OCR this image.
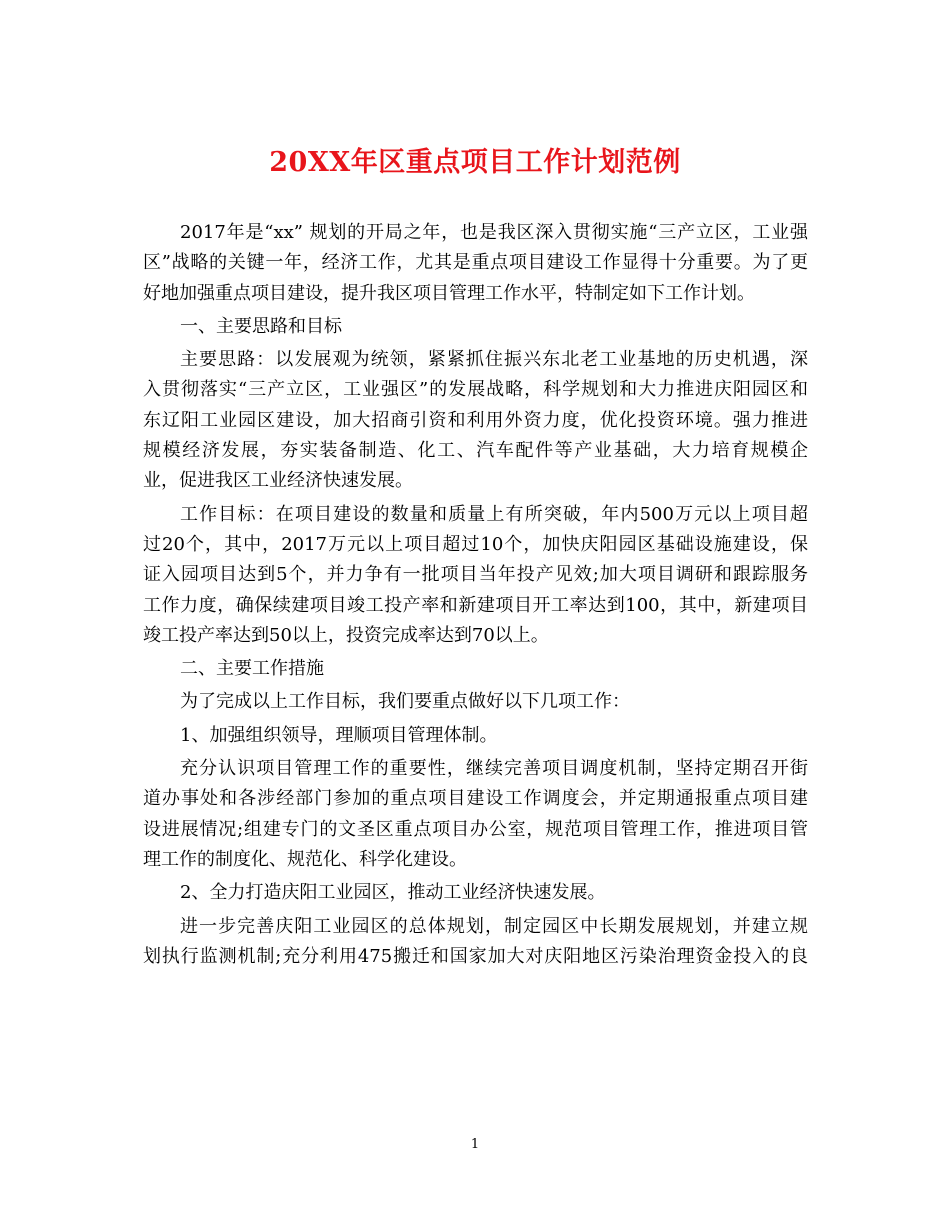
20XX年区重点项目工作计划范例
2017年是“xx” 规划的开局之年，也是我区深入贯彻实施“三产立区，工业强
区”战略的关键一年，经济工作，尤其是重点项目建设工作显得十分重要。为了更
好地加强重点项目建设，提升我区项目管理工作水平，特制定如下工作计划。
一、主要思路和目标
主要思路：以发展观为统领，紧紧抓住振兴东北老工业基地的历史机遇，深
入贯彻落实“三产立区，工业强区”的发展战略，科学规划和大力推进庆阳园区和
东辽阳工业园区建设，加大招商引资和利用外资力度，优化投资环境。强力推进
规模经济发展，夯实装备制造、化工、汽车配件等产业基础，大力培育规模企
业，促进我区工业经济快速发展。
工作目标：在项目建设的数量和质量上有所突破，年内500万元以上项目超
过20个，其中，2017万元以上项目超过10个，加快庆阳园区基础设施建设，保
证入园项目达到5个，并力争有一批项目当年投产见效;加大项目调研和跟踪服务
工作力度，确保续建项目竣工投产率和新建项目开工率达到100，其中，新建项目
竣工投产率达到50以上，投资完成率达到70以上。
二、主要工作措施
为了完成以上工作目标，我们要重点做好以下几项工作：
1、加强组织领导，理顺项目管理体制。
充分认识项目管理工作的重要性，继续完善项目调度机制，坚持定期召开街
道办事处和各涉经部门参加的重点项目建设工作调度会，并定期通报重点项目建
设进展情况;组建专门的文圣区重点项目办公室，规范项目管理工作，推进项目管
理工作的制度化、规范化、科学化建设。
2、全力打造庆阳工业园区，推动工业经济快速发展。
进一步完善庆阳工业园区的总体规划，制定园区中长期发展规划，并建立规
划执行监测机制;充分利用475搬迁和国家加大对庆阳地区污染治理资金投入的良
1
